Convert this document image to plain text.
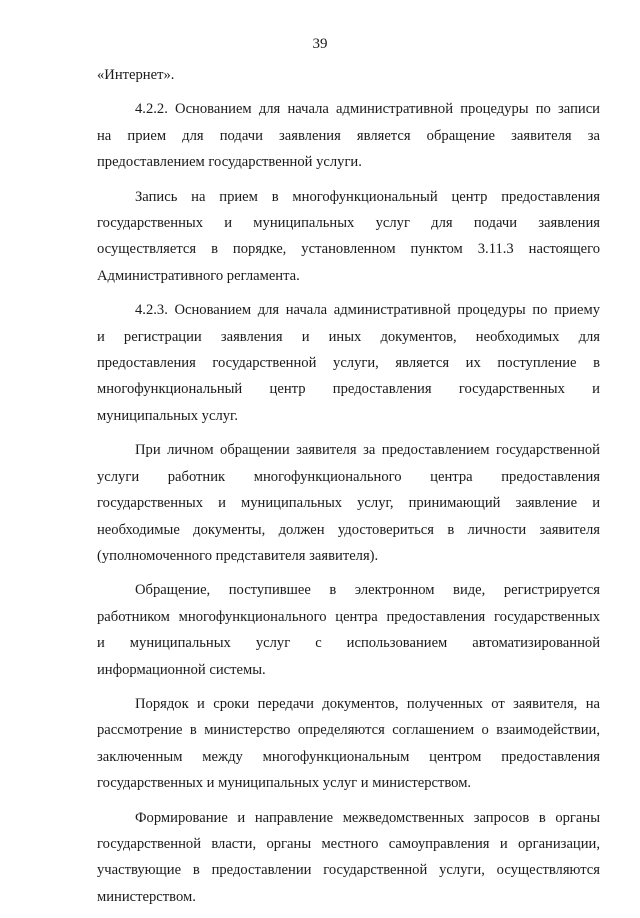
39
«Интернет».
4.2.2. Основанием для начала административной процедуры по записи
на прием для подачи заявления является обращение заявителя за
предоставлением государственной услуги.
Запись на прием в многофункциональный центр предоставления
государственных и муниципальных услуг для подачи заявления
осуществляется в порядке, установленном пунктом 3.11.3 настоящего
Административного регламента.
4.2.3. Основанием для начала административной процедуры по приему
и регистрации заявления и иных документов, необходимых для
предоставления государственной услуги, является их поступление в
многофункциональный центр предоставления государственных и
муниципальных услуг.
При личном обращении заявителя за предоставлением государственной
услуги работник многофункционального центра предоставления
государственных и муниципальных услуг, принимающий заявление и
необходимые документы, должен удостовериться в личности заявителя
(уполномоченного представителя заявителя).
Обращение, поступившее в электронном виде, регистрируется
работником многофункционального центра предоставления государственных
и муниципальных услуг с использованием автоматизированной
информационной системы.
Порядок и сроки передачи документов, полученных от заявителя, на
рассмотрение в министерство определяются соглашением о взаимодействии,
заключенным между многофункциональным центром предоставления
государственных и муниципальных услуг и министерством.
Формирование и направление межведомственных запросов в органы
государственной власти, органы местного самоуправления и организации,
участвующие в предоставлении государственной услуги, осуществляются
министерством.
